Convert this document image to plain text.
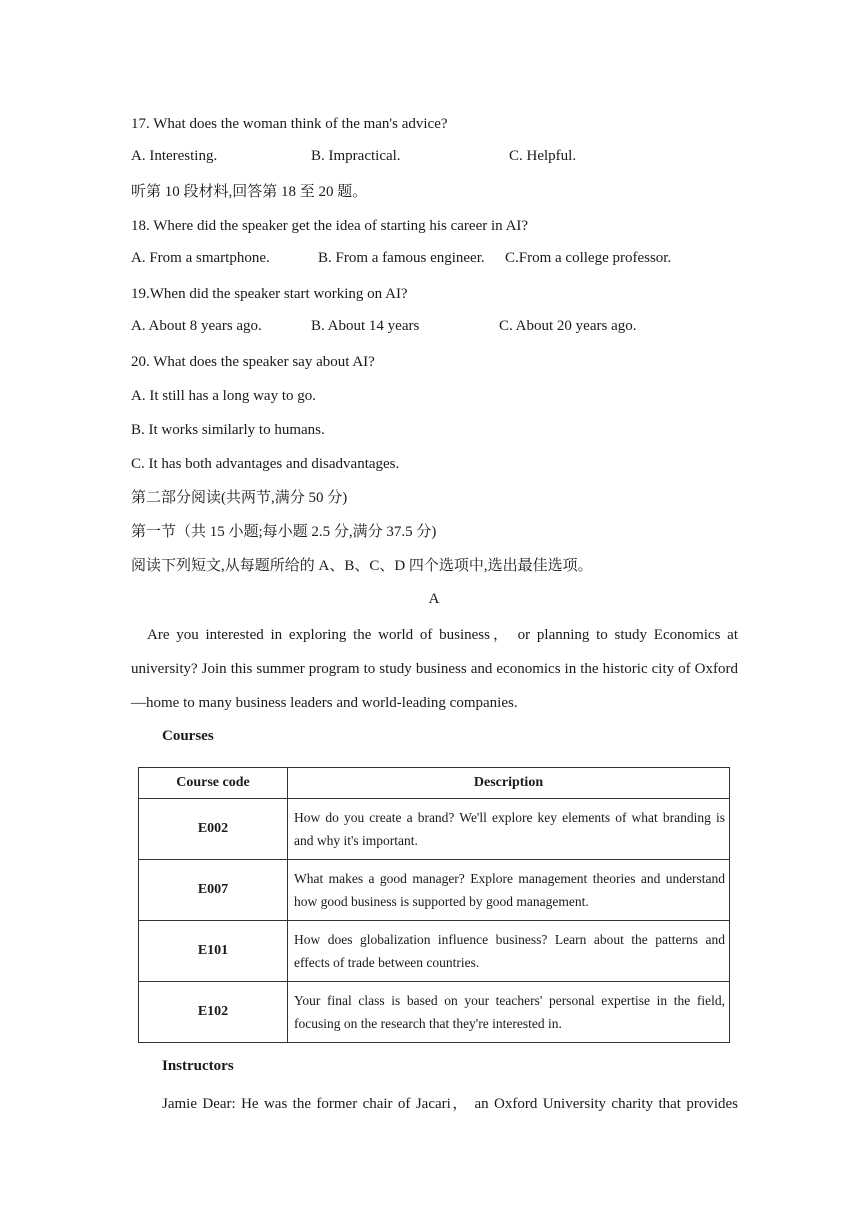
17. What does the woman think of the man's advice?
A. Interesting.	B. Impractical.	C. Helpful.
听第 10 段材料,回答第 18 至 20 题。
18. Where did the speaker get the idea of starting his career in AI?
A. From a smartphone.	B. From a famous engineer. C.From a college professor.
19.When did the speaker start working on AI?
A. About 8 years ago.	B. About 14 years	C. About 20 years ago.
20. What does the speaker say about AI?
A. It still has a long way to go.
B. It works similarly to humans.
C. It has both advantages and disadvantages.
第二部分阅读(共两节,满分 50 分)
第一节（共 15 小题;每小题 2.5 分,满分 37.5 分)
阅读下列短文,从每题所给的 A、B、C、D 四个选项中,选出最佳选项。
A

Are you interested in exploring the world of business， or planning to study Economics at university? Join this summer program to study business and economics in the historic city of Oxford—home to many business leaders and world-leading companies.

Courses
Course code	Description
E002	How do you create a brand? We'll explore key elements of what branding is and why it's important.
E007	What makes a good manager? Explore management theories and understand how good business is supported by good management.
E101	How does globalization influence business? Learn about the patterns and effects of trade between countries.
E102	Your final class is based on your teachers' personal expertise in the field, focusing on the research that they're interested in.
Instructors
Jamie Dear: He was the former chair of Jacari， an Oxford University charity that provides
